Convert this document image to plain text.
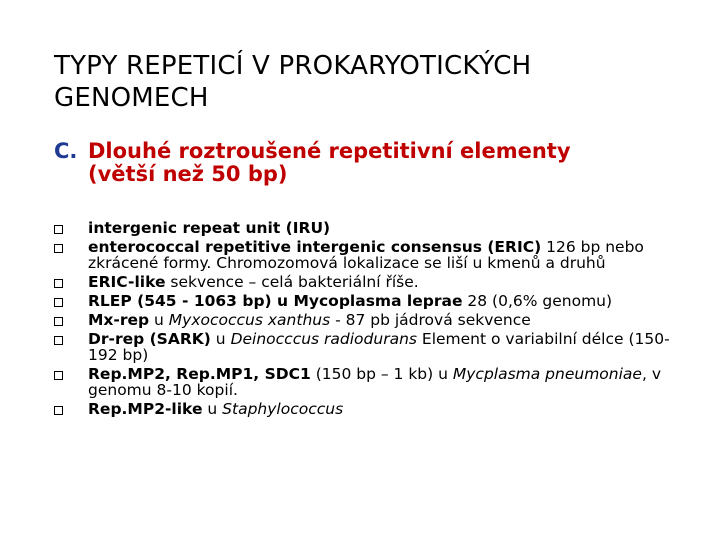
TYPY REPETICÍ V PROKARYOTICKÝCH GENOMECH
C. Dlouhé roztroušené repetitivní elementy
(větší než 50 bp)
intergenic repeat unit (IRU)
enterococcal repetitive intergenic consensus (ERIC) 126 bp nebo zkrácené formy. Chromozomová lokalizace se liší u kmenů a druhů
ERIC-like sekvence – celá bakteriální říše.
RLEP (545 - 1063 bp) u Mycoplasma leprae 28 (0,6% genomu)
Mx-rep u Myxococcus xanthus - 87 pb jádrová sekvence
Dr-rep (SARK) u Deinocccus radiodurans Element o variabilní délce (150-192 bp)
Rep.MP2, Rep.MP1, SDC1 (150 bp – 1 kb) u Mycplasma pneumoniae, v genomu 8-10 kopií.
Rep.MP2-like u Staphylococcus
